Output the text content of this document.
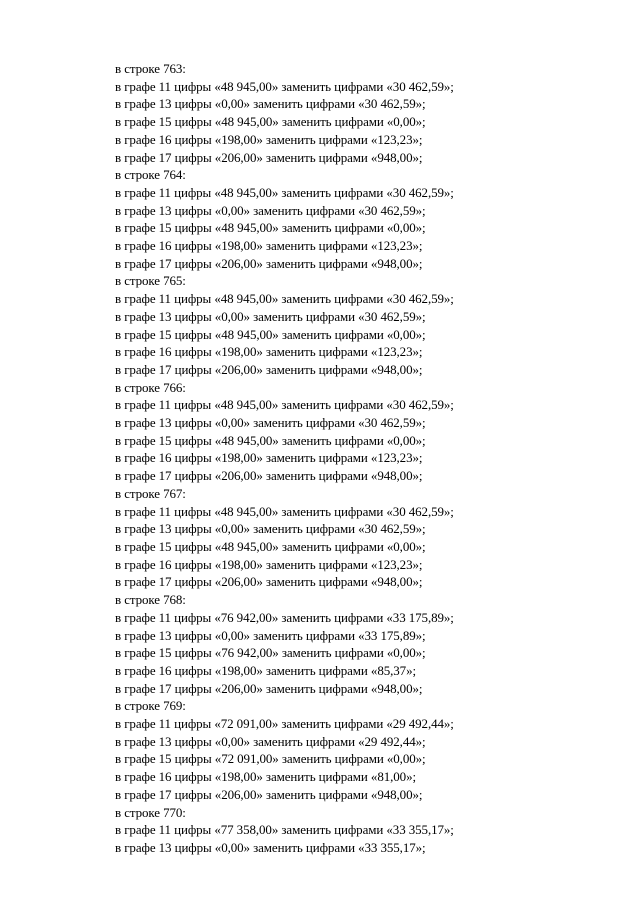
в строке 763:
в графе 11 цифры «48 945,00» заменить цифрами «30 462,59»;
в графе 13 цифры «0,00» заменить цифрами «30 462,59»;
в графе 15 цифры «48 945,00» заменить цифрами «0,00»;
в графе 16 цифры «198,00» заменить цифрами «123,23»;
в графе 17 цифры «206,00» заменить цифрами «948,00»;
в строке 764:
в графе 11 цифры «48 945,00» заменить цифрами «30 462,59»;
в графе 13 цифры «0,00» заменить цифрами «30 462,59»;
в графе 15 цифры «48 945,00» заменить цифрами «0,00»;
в графе 16 цифры «198,00» заменить цифрами «123,23»;
в графе 17 цифры «206,00» заменить цифрами «948,00»;
в строке 765:
в графе 11 цифры «48 945,00» заменить цифрами «30 462,59»;
в графе 13 цифры «0,00» заменить цифрами «30 462,59»;
в графе 15 цифры «48 945,00» заменить цифрами «0,00»;
в графе 16 цифры «198,00» заменить цифрами «123,23»;
в графе 17 цифры «206,00» заменить цифрами «948,00»;
в строке 766:
в графе 11 цифры «48 945,00» заменить цифрами «30 462,59»;
в графе 13 цифры «0,00» заменить цифрами «30 462,59»;
в графе 15 цифры «48 945,00» заменить цифрами «0,00»;
в графе 16 цифры «198,00» заменить цифрами «123,23»;
в графе 17 цифры «206,00» заменить цифрами «948,00»;
в строке 767:
в графе 11 цифры «48 945,00» заменить цифрами «30 462,59»;
в графе 13 цифры «0,00» заменить цифрами «30 462,59»;
в графе 15 цифры «48 945,00» заменить цифрами «0,00»;
в графе 16 цифры «198,00» заменить цифрами «123,23»;
в графе 17 цифры «206,00» заменить цифрами «948,00»;
в строке 768:
в графе 11 цифры «76 942,00» заменить цифрами «33 175,89»;
в графе 13 цифры «0,00» заменить цифрами «33 175,89»;
в графе 15 цифры «76 942,00» заменить цифрами «0,00»;
в графе 16 цифры «198,00» заменить цифрами «85,37»;
в графе 17 цифры «206,00» заменить цифрами «948,00»;
в строке 769:
в графе 11 цифры «72 091,00» заменить цифрами «29 492,44»;
в графе 13 цифры «0,00» заменить цифрами «29 492,44»;
в графе 15 цифры «72 091,00» заменить цифрами «0,00»;
в графе 16 цифры «198,00» заменить цифрами «81,00»;
в графе 17 цифры «206,00» заменить цифрами «948,00»;
в строке 770:
в графе 11 цифры «77 358,00» заменить цифрами «33 355,17»;
в графе 13 цифры «0,00» заменить цифрами «33 355,17»;
